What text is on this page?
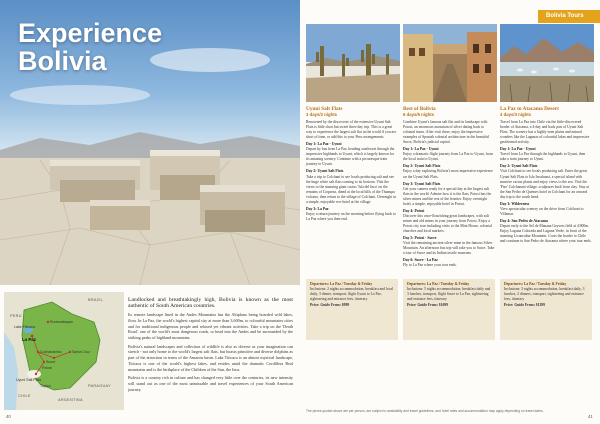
Experience
Bolivia
BRAZIL
PERU
CHILE
ARGENTINA
PARAGUAY
Rurrenabaque
Lake Titicaca
La Paz
Cochabamba	Santa Cruz
Sucre
Potosí
Uyuni Salt Flats
Tupiza

Landlocked and breathtakingly high, Bolivia is known as the most authentic of South American countries.

Its remote landscape lined in the Andes Mountains has the Altiplano being boarded wild lakes, flora. In La Paz, the world's highest capital city at more than 3,600m, to colourful mountains cities and for traditional indigenous people and relaxed yet vibrant activities. Take a trip on the 'Death Road', one of the world's most dangerous roads, or head into the Andes and be surrounded by the striking peaks of highland mountains.

Bolivia's natural landscapes and collection of wildlife is also as diverse as your imagination can stretch - not only home to the world's largest salt flats, but boasts primitive and diverse dolphins as part of the attraction in terms of the Amazon basin. Lake Titicaca is an almost mystical landscape, Titicaca is one of the world's highest lakes, and resides amid the dramatic Cordillera Real mountains and is the birthplace of the Children of the Sun, the Inca.

Bolivia is a country rich in culture and has changed very little over the centuries, its new intensity will stand out as one of the most unmissable and travel experiences of your South American journey.

40
Bolivia Tours
Uyuni Salt Flats
3 days/2 nights

Renowned by the discoverer of the extensive Uyuni Salt Flats is little short but sweet three day trip. This is a great way to experience the largest salt flat in the world if you are short of time, or add this to your Peru arrangements.

Day 1: La Paz - Uyuni

Depart by bus from La Paz, heading southwest through the impressive highlands to Uyuni, which is largely known for its amazing scenery. Continue with a picturesque train journey to Uyuni.

Day 2: Uyuni Salt Flats

Take a trip to Colchani to see locals producing salt and see the huge white salt flats coming to its horizon. Visit the views to the stunning giant cactus 'Isla del Inca' on the remains of Coqueza, dined at the local hills of the Thunupa volcano, then return to the village of Colchani. Overnight in a simple, enjoyable eco-hotel at the village.

Day 3: La Paz

Enjoy a return journey on the morning before flying back to La Paz where you then end.

Best of Bolivia
6 days/5 nights

Combine Uyuni's famous salt flat and its landscape with Potosi, an enormous mountain of silver dating back to colonial times. After visit these, enjoy the impressive examples of Spanish colonial architecture in the beautiful Sucre, Bolivia's judicial capital.

Day 1: La Paz - Uyuni

Enjoy a dramatic flight journey from La Paz to Uyuni, from the local train to Uyuni.

Day 2: Uyuni Salt Flats

Enjoy a day exploring Bolivia's most impressive experience on the Uyuni Salt Flats.

Day 3: Uyuni Salt Flats

Get your camera ready for a special day at the largest salt flats in the world. Admire how it is the flats, Potosi has the silver mines and the rest of the frontier. Enjoy overnight hotel, a simple, enjoyable hotel in Potosi.

Day 4: Potosi

Discover this once-flourishing great landscapes, with salt mines and old mines in your journey from Potosi. Enjoy a Potosi city tour including visits to the Mint House, colonial churches and local markets.

Day 5: Potosi - Sucre

Visit the remaining ancient silver mine in the famous Silver Mountain. An afternoon bus trip will take you to Sucre. Take a tour of Sucre and its Indian textile museum.

Day 6: Sucre - La Paz

Fly to La Paz where your tour ends.

La Paz to Atacama Desert
4 days/3 nights

Travel from La Paz into Chile via the little-discovered border of Atacama, a 4-day and back part of Uyuni Salt Flats. The scenery has a highly-seen plains and natural wonders like the Lagunas of colourful lakes and impressive geothermal activity.

Day 1: La Paz - Uyuni

Travel from La Paz through the highlands to Uyuni, then take a train journey to Uyuni.

Day 2: Uyuni Salt Flats

Visit Colchani to see locals producing salt. Enter the great Uyuni Salt Flats to Isla Incahuasi, a special island with massive cactus plants and enjoy views to the sea. Visit the 'Piso' Colchanata village, sculptures built from clay. Stay at the San Pedro de Quemes hotel in Colchani for an onward day trip to the south bend.

Day 3: Wilderness

View spectacular scenery on the drive from Colchani to Villamar.

Day 4: San Pedro de Atacama

Depart early to the Sol de Manana Geysers field at 4,900m. Enjoy Laguna Colorada and Laguna Verde, in front of the stunning Licancabur Mountain. Cross the border to Chile and continue to San Pedro de Atacama where your tour ends.

Departures: La Paz / Tuesday & Friday
Inclusions: 2 nights accommodation, breakfast and local daily, 3 dinner, transport, flight Uyuni to La Paz, sightseeing and entrance fees, itinerary
Price: Guide From: $999
Departures: La Paz / Tuesday & Friday
Inclusions: 5 nights accommodation, breakfast daily and 3 lunches, transport, flight Sucre to La Paz, sightseeing and entrance fees, itinerary
Price: Guide From: $1699
Departures: La Paz / Tuesday & Friday
Inclusions: 3 nights accommodation, breakfast daily, 3 lunches, 2 dinners, transport, sightseeing and entrance fees, itinerary
Price: Guide From: $1299
The prices quoted above are per person, are subject to availability and travel guidelines, and hotel rates and accommodation may apply depending on travel dates.
41
